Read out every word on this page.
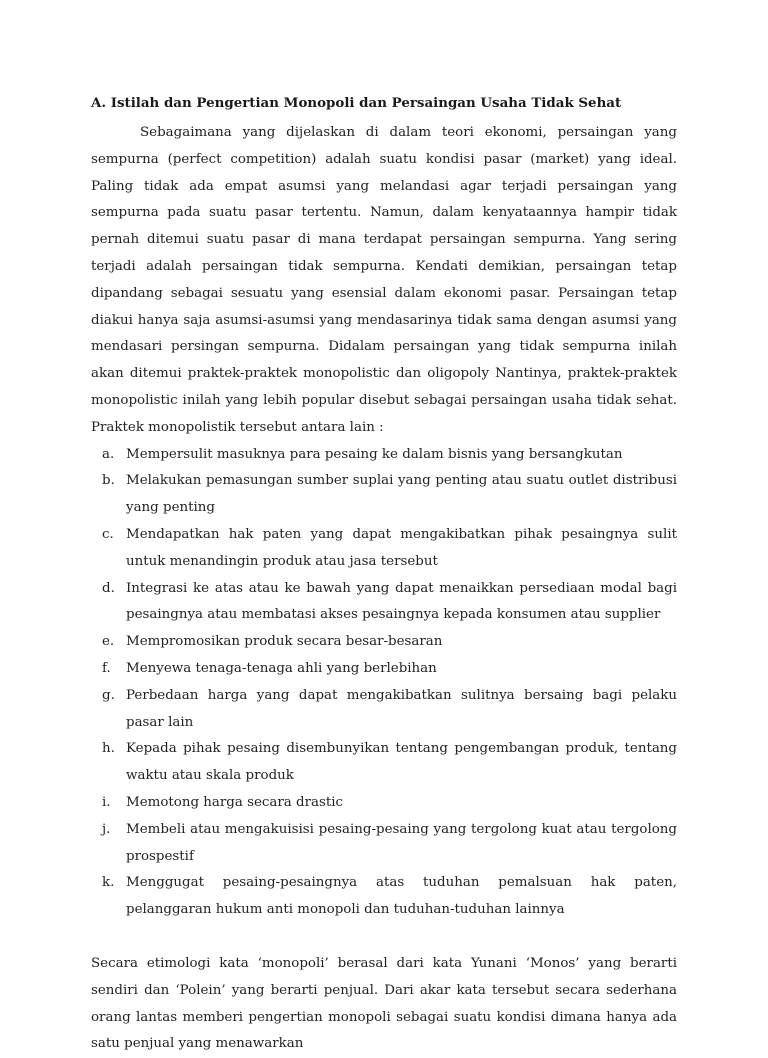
A. Istilah dan Pengertian Monopoli dan Persaingan Usaha Tidak Sehat

Sebagaimana yang dijelaskan di dalam teori ekonomi, persaingan yang sempurna (perfect competition) adalah suatu kondisi pasar (market) yang ideal. Paling tidak ada empat asumsi yang melandasi agar terjadi persaingan yang sempurna pada suatu pasar tertentu. Namun, dalam kenyataannya hampir tidak pernah ditemui suatu pasar di mana terdapat persaingan sempurna. Yang sering terjadi adalah persaingan tidak sempurna. Kendati demikian, persaingan tetap dipandang sebagai sesuatu yang esensial dalam ekonomi pasar. Persaingan tetap diakui hanya saja asumsi-asumsi yang mendasarinya tidak sama dengan asumsi yang mendasari persingan sempurna. Didalam persaingan yang tidak sempurna inilah akan ditemui praktek-praktek monopolistic dan oligopoly Nantinya, praktek-praktek monopolistic inilah yang lebih popular disebut sebagai persaingan usaha tidak sehat. Praktek monopolistik tersebut antara lain :

a. Mempersulit masuknya para pesaing ke dalam bisnis yang bersangkutan
b. Melakukan pemasungan sumber suplai yang penting atau suatu outlet distribusi yang penting
c. Mendapatkan hak paten yang dapat mengakibatkan pihak pesaingnya sulit untuk menandingin produk atau jasa tersebut
d. Integrasi ke atas atau ke bawah yang dapat menaikkan persediaan modal bagi pesaingnya atau membatasi akses pesaingnya kepada konsumen atau supplier
e. Mempromosikan produk secara besar-besaran
f. Menyewa tenaga-tenaga ahli yang berlebihan
g. Perbedaan harga yang dapat mengakibatkan sulitnya bersaing bagi pelaku pasar lain
h. Kepada pihak pesaing disembunyikan tentang pengembangan produk, tentang waktu atau skala produk
i. Memotong harga secara drastic
j. Membeli atau mengakuisisi pesaing-pesaing yang tergolong kuat atau tergolong prospestif
k. Menggugat pesaing-pesaingnya atas tuduhan pemalsuan hak paten, pelanggaran hukum anti monopoli dan tuduhan-tuduhan lainnya

Secara etimologi kata ‘monopoli’ berasal dari kata Yunani ‘Monos’ yang berarti sendiri dan ‘Polein’ yang berarti penjual. Dari akar kata tersebut secara sederhana orang lantas memberi pengertian monopoli sebagai suatu kondisi dimana hanya ada satu penjual yang menawarkan
